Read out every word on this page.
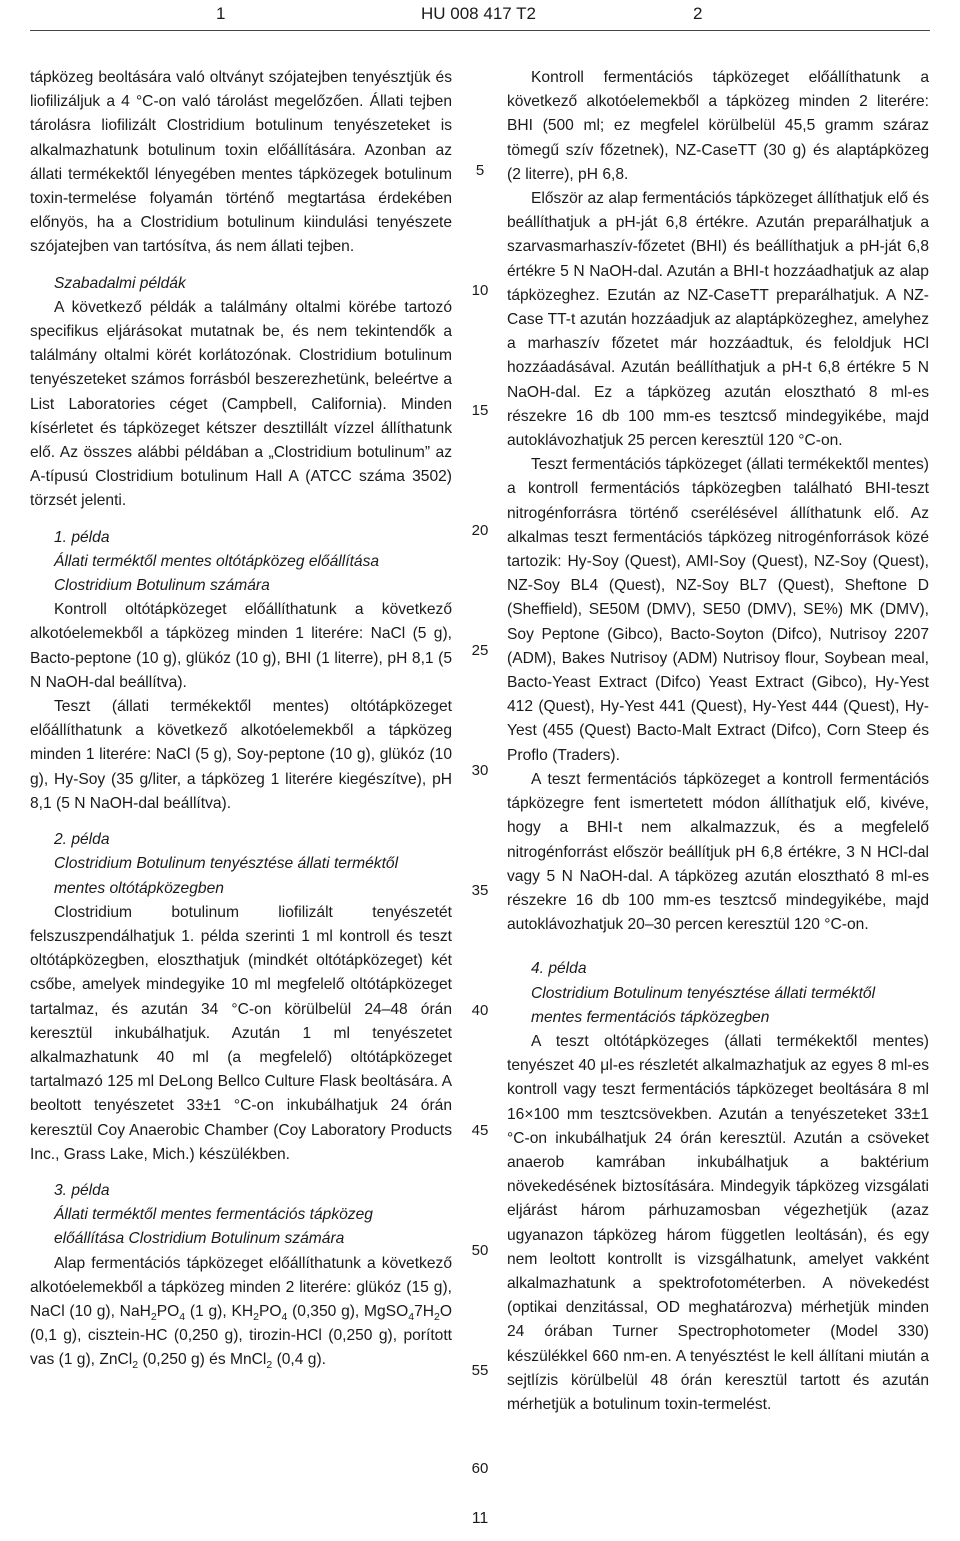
1	HU 008 417 T2	2

tápközeg beoltására való oltványt szójatejben tenyésztjük és liofilizáljuk a 4 °C-on való tárolást megelőzően. Állati tejben tárolásra liofilizált Clostridium botulinum tenyészeteket is alkalmazhatunk botulinum toxin előállítására. Azonban az állati termékektől lényegében mentes tápközegek botulinum toxin-termelése folyamán történő megtartása érdekében előnyös, ha a Clostridium botulinum kiindulási tenyészete szójatejben van tartósítva, ás nem állati tejben.

Szabadalmi példák

A következő példák a találmány oltalmi körébe tartozó specifikus eljárásokat mutatnak be, és nem tekintendők a találmány oltalmi körét korlátozónak. Clostridium botulinum tenyészeteket számos forrásból beszerezhetünk, beleértve a List Laboratories céget (Campbell, California). Minden kísérletet és tápközeget kétszer desztillált vízzel állíthatunk elő. Az összes alábbi példában a „Clostridium botulinum” az A-típusú Clostridium botulinum Hall A (ATCC száma 3502) törzsét jelenti.

1. példa

Állati terméktől mentes oltótápközeg előállítása

Clostridium Botulinum számára

Kontroll oltótápközeget előállíthatunk a következő alkotóelemekből a tápközeg minden 1 literére: NaCl (5 g), Bacto-peptone (10 g), glükóz (10 g), BHI (1 literre), pH 8,1 (5 N NaOH-dal beállítva).

Teszt (állati termékektől mentes) oltótápközeget előállíthatunk a következő alkotóelemekből a tápközeg minden 1 literére: NaCl (5 g), Soy-peptone (10 g), glükóz (10 g), Hy-Soy (35 g/liter, a tápközeg 1 literére kiegészítve), pH 8,1 (5 N NaOH-dal beállítva).

2. példa

Clostridium Botulinum tenyésztése állati terméktől

mentes oltótápközegben

Clostridium botulinum liofilizált tenyészetét felszuszpendálhatjuk 1. példa szerinti 1 ml kontroll és teszt oltótápközegben, eloszthatjuk (mindkét oltótápközeget) két csőbe, amelyek mindegyike 10 ml megfelelő oltótápközeget tartalmaz, és azután 34 °C-on körülbelül 24–48 órán keresztül inkubálhatjuk. Azután 1 ml tenyészetet alkalmazhatunk 40 ml (a megfelelő) oltótápközeget tartalmazó 125 ml DeLong Bellco Culture Flask beoltására. A beoltott tenyészetet 33±1 °C-on inkubálhatjuk 24 órán keresztül Coy Anaerobic Chamber (Coy Laboratory Products Inc., Grass Lake, Mich.) készülékben.

3. példa

Állati terméktől mentes fermentációs tápközeg

előállítása Clostridium Botulinum számára

Alap fermentációs tápközeget előállíthatunk a következő alkotóelemekből a tápközeg minden 2 literére: glükóz (15 g), NaCl (10 g), $NaH_2PO_4$ (1 g), $KH_2PO_4$ (0,350 g), $MgSO_47H_2O$ (0,1 g), cisztein-HC (0,250 g), tirozin-HCl (0,250 g), porított vas (1 g), ZnCl$_2$ (0,250 g) és MnCl$_2$ (0,4 g).

Kontroll fermentációs tápközeget előállíthatunk a következő alkotóelemekből a tápközeg minden 2 literére: BHI (500 ml; ez megfelel körülbelül 45,5 gramm száraz tömegű szív főzetnek), NZ-CaseTT (30 g) és alaptápközeg (2 literre), pH 6,8.

Először az alap fermentációs tápközeget állíthatjuk elő és beállíthatjuk a pH-ját 6,8 értékre. Azután preparálhatjuk a szarvasmarhaszív-főzetet (BHI) és beállíthatjuk a pH-ját 6,8 értékre 5 N NaOH-dal. Azután a BHI-t hozzáadhatjuk az alap tápközeghez. Ezután az NZ-CaseTT preparálhatjuk. A NZ-Case TT-t azután hozzáadjuk az alaptápközeghez, amelyhez a marhaszív főzetet már hozzáadtuk, és feloldjuk HCl hozzáadásával. Azután beállíthatjuk a pH-t 6,8 értékre 5 N NaOH-dal. Ez a tápközeg azután elosztható 8 ml-es részekre 16 db 100 mm-es tesztcső mindegyikébe, majd autoklávozhatjuk 25 percen keresztül 120 °C-on.

Teszt fermentációs tápközeget (állati termékektől mentes) a kontroll fermentációs tápközegben található BHI-teszt nitrogénforrásra történő cserélésével állíthatunk elő. Az alkalmas teszt fermentációs tápközeg nitrogénforrások közé tartozik: Hy-Soy (Quest), AMI-Soy (Quest), NZ-Soy (Quest), NZ-Soy BL4 (Quest), NZ-Soy BL7 (Quest), Sheftone D (Sheffield), SE50M (DMV), SE50 (DMV), SE%) MK (DMV), Soy Peptone (Gibco), Bacto-Soyton (Difco), Nutrisoy 2207 (ADM), Bakes Nutrisoy (ADM) Nutrisoy flour, Soybean meal, Bacto-Yeast Extract (Difco) Yeast Extract (Gibco), Hy-Yest 412 (Quest), Hy-Yest 441 (Quest), Hy-Yest 444 (Quest), Hy-Yest (455 (Quest) Bacto-Malt Extract (Difco), Corn Steep és Proflo (Traders).

A teszt fermentációs tápközeget a kontroll fermentációs tápközegre fent ismertetett módon állíthatjuk elő, kivéve, hogy a BHI-t nem alkalmazzuk, és a megfelelő nitrogénforrást először beállítjuk pH 6,8 értékre, 3 N HCl-dal vagy 5 N NaOH-dal. A tápközeg azután elosztható 8 ml-es részekre 16 db 100 mm-es tesztcső mindegyikébe, majd autoklávozhatjuk 20–30 percen keresztül 120 °C-on.

4. példa

Clostridium Botulinum tenyésztése állati terméktől

mentes fermentációs tápközegben

A teszt oltótápközeges (állati termékektől mentes) tenyészet 40 μl-es részletét alkalmazhatjuk az egyes 8 ml-es kontroll vagy teszt fermentációs tápközeget beoltására 8 ml 16×100 mm tesztcsövekben. Azután a tenyészeteket 33±1 °C-on inkubálhatjuk 24 órán keresztül. Azután a csöveket anaerob kamrában inkubálhatjuk a baktérium növekedésének biztosítására. Mindegyik tápközeg vizsgálati eljárást három párhuzamosban végezhetjük (azaz ugyanazon tápközeg három független leoltásán), és egy nem leoltott kontrollt is vizsgálhatunk, amelyet vakként alkalmazhatunk a spektrofotométerben. A növekedést (optikai denzitással, OD meghatározva) mérhetjük minden 24 órában Turner Spectrophotometer (Model 330) készülékkel 660 nm-en. A tenyésztést le kell állítani miután a sejtlízis körülbelül 48 órán keresztül tartott és azután mérhetjük a botulinum toxin-termelést.

5
10
15
20
25
30
35
40
45
50
55
60
11
